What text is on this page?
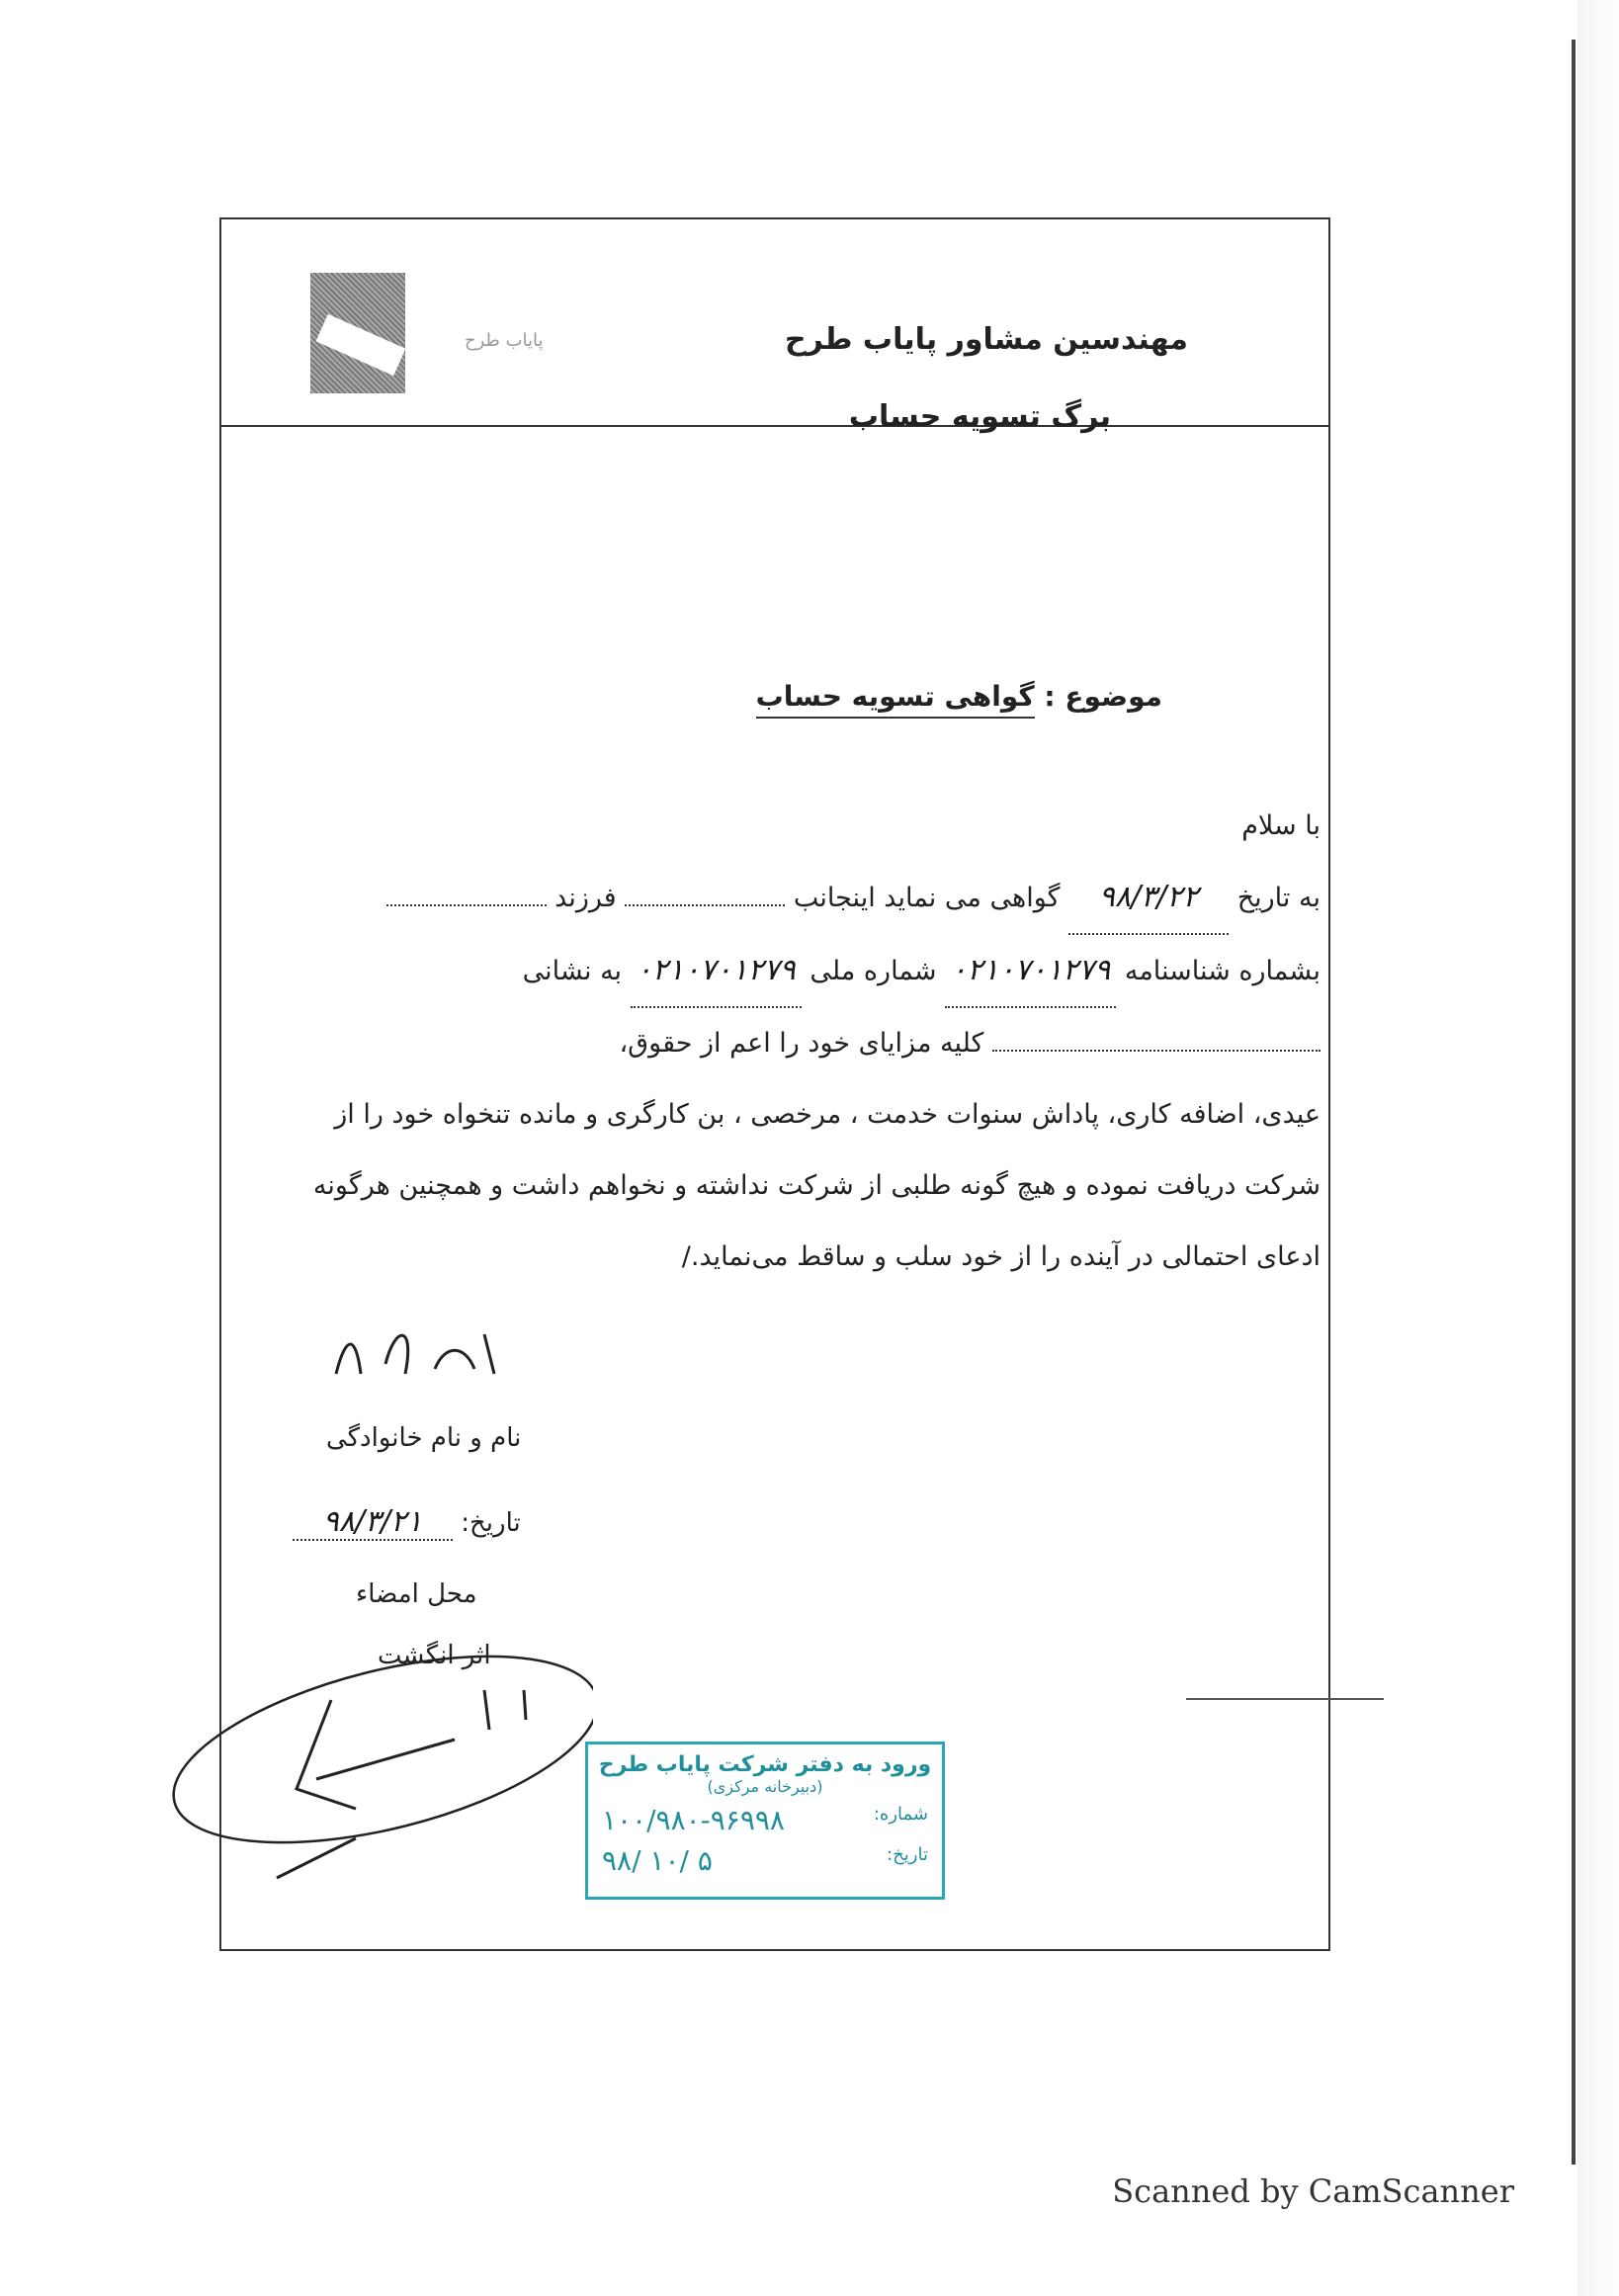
پایاب طرح	مهندسین مشاور پایاب طرح
برگ تسویه حساب
موضوع : گواهی تسویه حساب

با سلام

به تاریخ ۹۸/۳/۲۲ گواهی می نماید اینجانب  فرزند

بشماره شناسنامه ۰۲۱۰۷۰۱۲۷۹ شماره ملی ۰۲۱۰۷۰۱۲۷۹ به نشانی

کلیه مزایای خود را اعم از حقوق،

عیدی، اضافه کاری، پاداش سنوات خدمت ، مرخصی ، بن کارگری و مانده تنخواه خود را از

شرکت دریافت نموده و هیچ گونه طلبی از شرکت نداشته و نخواهم داشت و همچنین هرگونه

ادعای احتمالی در آینده را از خود سلب و ساقط می‌نماید./

نام و نام خانوادگی
تاریخ: ۹۸/۳/۲۱
محل امضاء
اثر انگشت
ورود به دفتر شرکت پایاب طرح
(دبیرخانه مرکزی)
شماره:
۱۰۰/۹۸۰-۹۶۹۹۸
تاریخ:
۹۸/ ۱۰/ ۵
Scanned by CamScanner
